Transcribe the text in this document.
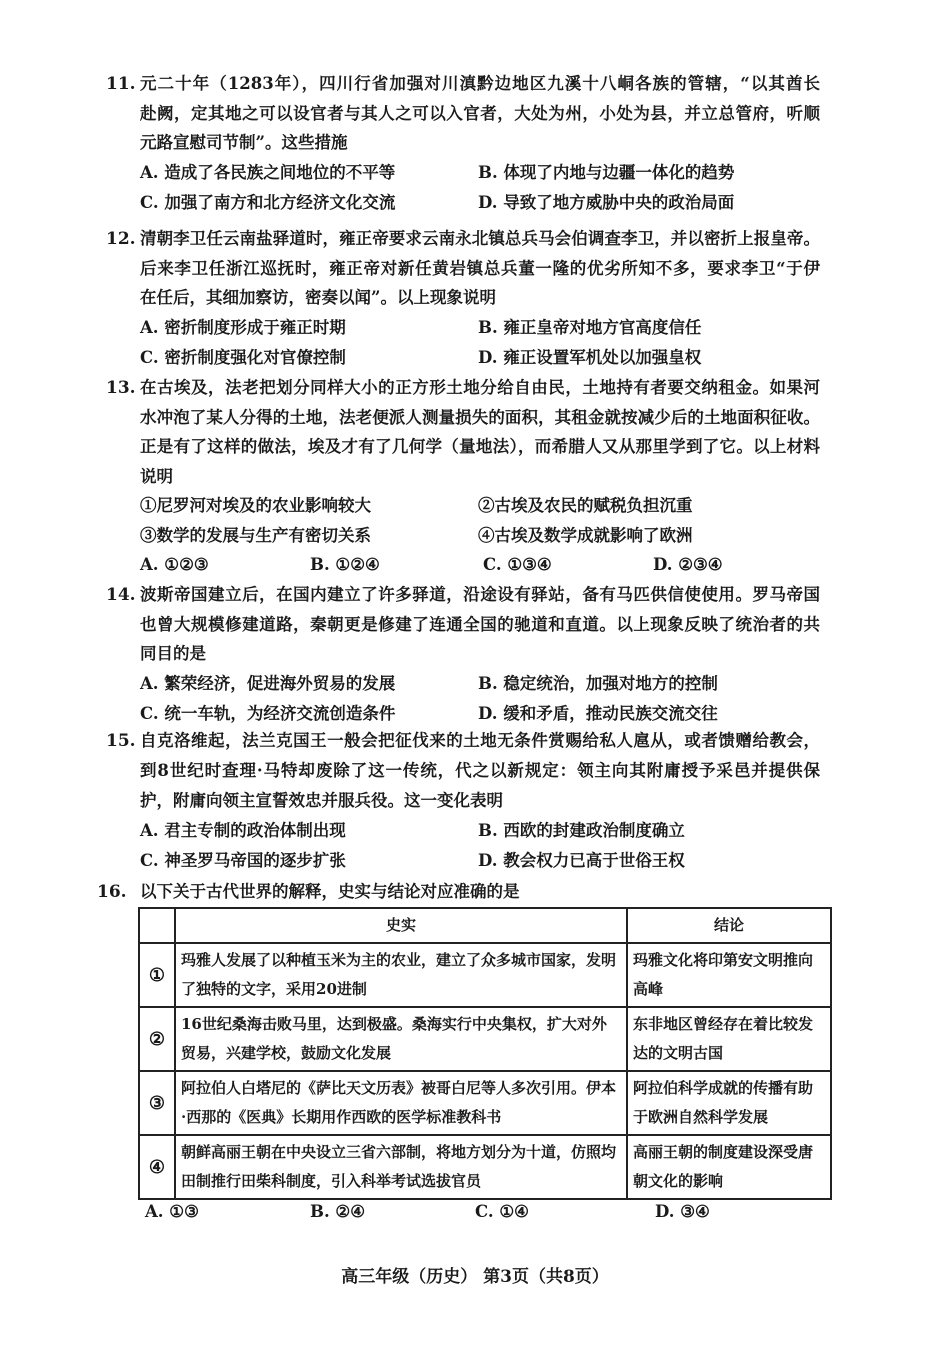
11. 元二十年（1283年），四川行省加强对川滇黔边地区九溪十八峒各族的管辖，“以其酋长
赴阙，定其地之可以设官者与其人之可以入官者，大处为州，小处为县，并立总管府，听顺
元路宣慰司节制”。这些措施
A. 造成了各民族之间地位的不平等	B. 体现了内地与边疆一体化的趋势
C. 加强了南方和北方经济文化交流	D. 导致了地方威胁中央的政治局面
12. 清朝李卫任云南盐驿道时，雍正帝要求云南永北镇总兵马会伯调查李卫，并以密折上报皇帝。
后来李卫任浙江巡抚时，雍正帝对新任黄岩镇总兵董一隆的优劣所知不多，要求李卫“于伊
在任后，其细加察访，密奏以闻”。以上现象说明
A. 密折制度形成于雍正时期	B. 雍正皇帝对地方官高度信任
C. 密折制度强化对官僚控制	D. 雍正设置军机处以加强皇权
13. 在古埃及，法老把划分同样大小的正方形土地分给自由民，土地持有者要交纳租金。如果河
水冲泡了某人分得的土地，法老便派人测量损失的面积，其租金就按减少后的土地面积征收。
正是有了这样的做法，埃及才有了几何学（量地法），而希腊人又从那里学到了它。以上材料
说明
①尼罗河对埃及的农业影响较大	②古埃及农民的赋税负担沉重
③数学的发展与生产有密切关系	④古埃及数学成就影响了欧洲
A. ①②③	B. ①②④	C. ①③④	D. ②③④
14. 波斯帝国建立后，在国内建立了许多驿道，沿途设有驿站，备有马匹供信使使用。罗马帝国
也曾大规模修建道路，秦朝更是修建了连通全国的驰道和直道。以上现象反映了统治者的共
同目的是
A. 繁荣经济，促进海外贸易的发展	B. 稳定统治，加强对地方的控制
C. 统一车轨，为经济交流创造条件	D. 缓和矛盾，推动民族交流交往
15. 自克洛维起，法兰克国王一般会把征伐来的土地无条件赏赐给私人扈从，或者馈赠给教会，
到8世纪时查理·马特却废除了这一传统，代之以新规定：领主向其附庸授予采邑并提供保
护，附庸向领主宣誓效忠并服兵役。这一变化表明
A. 君主专制的政治体制出现	B. 西欧的封建政治制度确立
C. 神圣罗马帝国的逐步扩张	D. 教会权力已高于世俗王权
16. 以下关于古代世界的解释，史实与结论对应准确的是
	史实	结论
①	玛雅人发展了以种植玉米为主的农业，建立了众多城市国家，发明了独特的文字，采用20进制	玛雅文化将印第安文明推向高峰
②	16世纪桑海击败马里，达到极盛。桑海实行中央集权，扩大对外贸易，兴建学校，鼓励文化发展	东非地区曾经存在着比较发达的文明古国
③	阿拉伯人白塔尼的《萨比天文历表》被哥白尼等人多次引用。伊本·西那的《医典》长期用作西欧的医学标准教科书	阿拉伯科学成就的传播有助于欧洲自然科学发展
④	朝鲜高丽王朝在中央设立三省六部制，将地方划分为十道，仿照均田制推行田柴科制度，引入科举考试选拔官员	高丽王朝的制度建设深受唐朝文化的影响
A. ①③	B. ②④	C. ①④	D. ③④
高三年级（历史） 第3页（共8页）
